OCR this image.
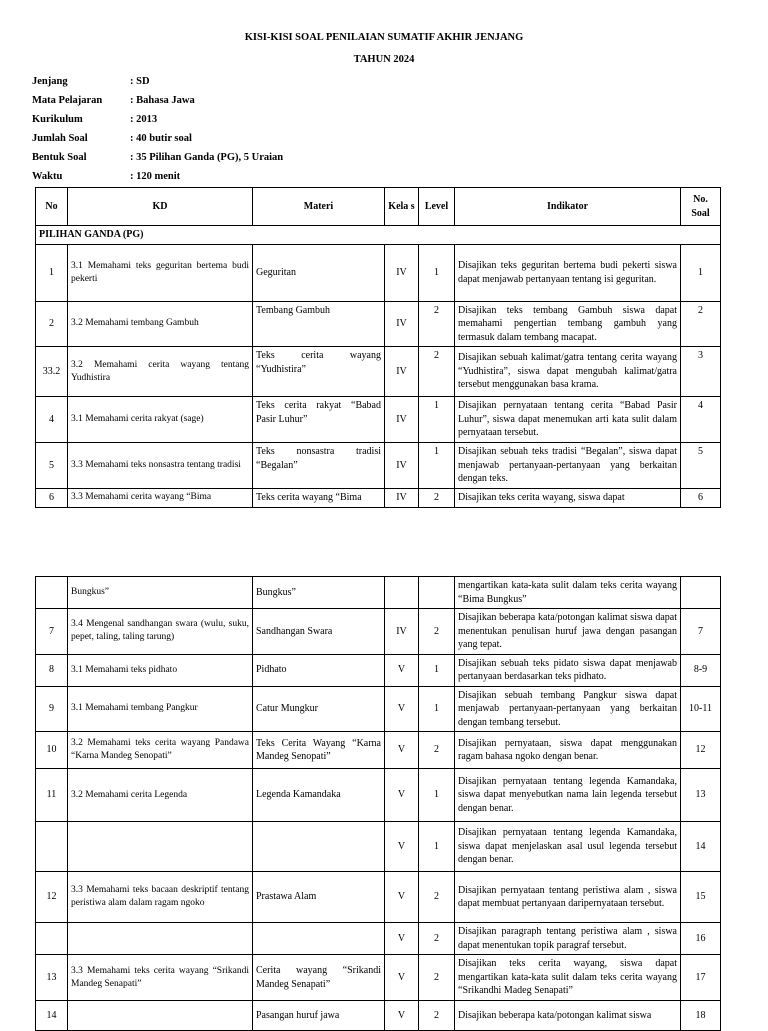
KISI-KISI SOAL PENILAIAN SUMATIF AKHIR JENJANG
TAHUN 2024
Jenjang	: SD
Mata Pelajaran	: Bahasa Jawa
Kurikulum	: 2013
Jumlah Soal	: 40 butir soal
Bentuk Soal	: 35 Pilihan Ganda (PG), 5 Uraian
Waktu	: 120 menit
No	KD	Materi	Kela s	Level	Indikator	No. Soal
PILIHAN GANDA (PG)						
1	3.1 Memahami teks geguritan bertema budi pekerti	Geguritan	IV	1	Disajikan teks geguritan bertema budi pekerti siswa dapat menjawab pertanyaan tentang isi geguritan.	1
2	3.2 Memahami tembang Gambuh	Tembang Gambuh	IV	2	Disajikan teks tembang Gambuh siswa dapat memahami pengertian tembang gambuh yang termasuk dalam tembang macapat.	2
33.2	3.2 Memahami cerita wayang tentang Yudhistira	Teks cerita wayang “Yudhistira”	IV	2	Disajikan sebuah kalimat/gatra tentang cerita wayang “Yudhistira”, siswa dapat mengubah kalimat/gatra tersebut menggunakan basa krama.	3
4	3.1 Memahami cerita rakyat (sage)	Teks cerita rakyat “Babad Pasir Luhur”	IV	1	Disajikan pernyataan tentang cerita “Babad Pasir Luhur”, siswa dapat menemukan arti kata sulit dalam pernyataan tersebut.	4
5	3.3 Memahami teks nonsastra tentang tradisi	Teks nonsastra tradisi “Begalan”	IV	1	Disajikan sebuah teks tradisi “Begalan”, siswa dapat menjawab pertanyaan-pertanyaan yang berkaitan dengan teks.	5
6	3.3 Memahami cerita wayang “Bima	Teks cerita wayang “Bima	IV	2	Disajikan teks cerita wayang, siswa dapat	6
	Bungkus”	Bungkus”			mengartikan kata-kata sulit dalam teks cerita wayang “Bima Bungkus”	
7	3.4 Mengenal sandhangan swara (wulu, suku, pepet, taling, taling tarung)	Sandhangan Swara	IV	2	Disajikan beberapa kata/potongan kalimat siswa dapat menentukan penulisan huruf jawa dengan pasangan yang tepat.	7
8	3.1 Memahami teks pidhato	Pidhato	V	1	Disajikan sebuah teks pidato siswa dapat menjawab pertanyaan berdasarkan teks pidhato.	8-9
9	3.1 Memahami tembang Pangkur	Catur Mungkur	V	1	Disajikan sebuah tembang Pangkur siswa dapat menjawab pertanyaan-pertanyaan yang berkaitan dengan tembang tersebut.	10-11
10	3.2 Memahami teks cerita wayang Pandawa “Karna Mandeg Senopati”	Teks Cerita Wayang “Karna Mandeg Senopati”	V	2	Disajikan pernyataan, siswa dapat menggunakan ragam bahasa ngoko dengan benar.	12
11	3.2 Memahami cerita Legenda	Legenda Kamandaka	V	1	Disajikan pernyataan tentang legenda Kamandaka, siswa dapat menyebutkan nama lain legenda tersebut dengan benar.	13
			V	1	Disajikan pernyataan tentang legenda Kamandaka, siswa dapat menjelaskan asal usul legenda tersebut dengan benar.	14
12	3.3 Memahami teks bacaan deskriptif tentang peristiwa alam dalam ragam ngoko	Prastawa Alam	V	2	Disajikan pernyataan tentang peristiwa alam , siswa dapat membuat pertanyaan daripernyataan tersebut.	15
			V	2	Disajikan paragraph tentang peristiwa alam , siswa dapat menentukan topik paragraf tersebut.	16
13	3.3 Memahami teks cerita wayang “Srikandi Mandeg Senapati”	Cerita wayang “Srikandi Mandeg Senapati”	V	2	Disajikan teks cerita wayang, siswa dapat mengartikan kata-kata sulit dalam teks cerita wayang “Srikandhi Madeg Senapati”	17
14		Pasangan huruf jawa	V	2	Disajikan beberapa kata/potongan kalimat siswa	18
